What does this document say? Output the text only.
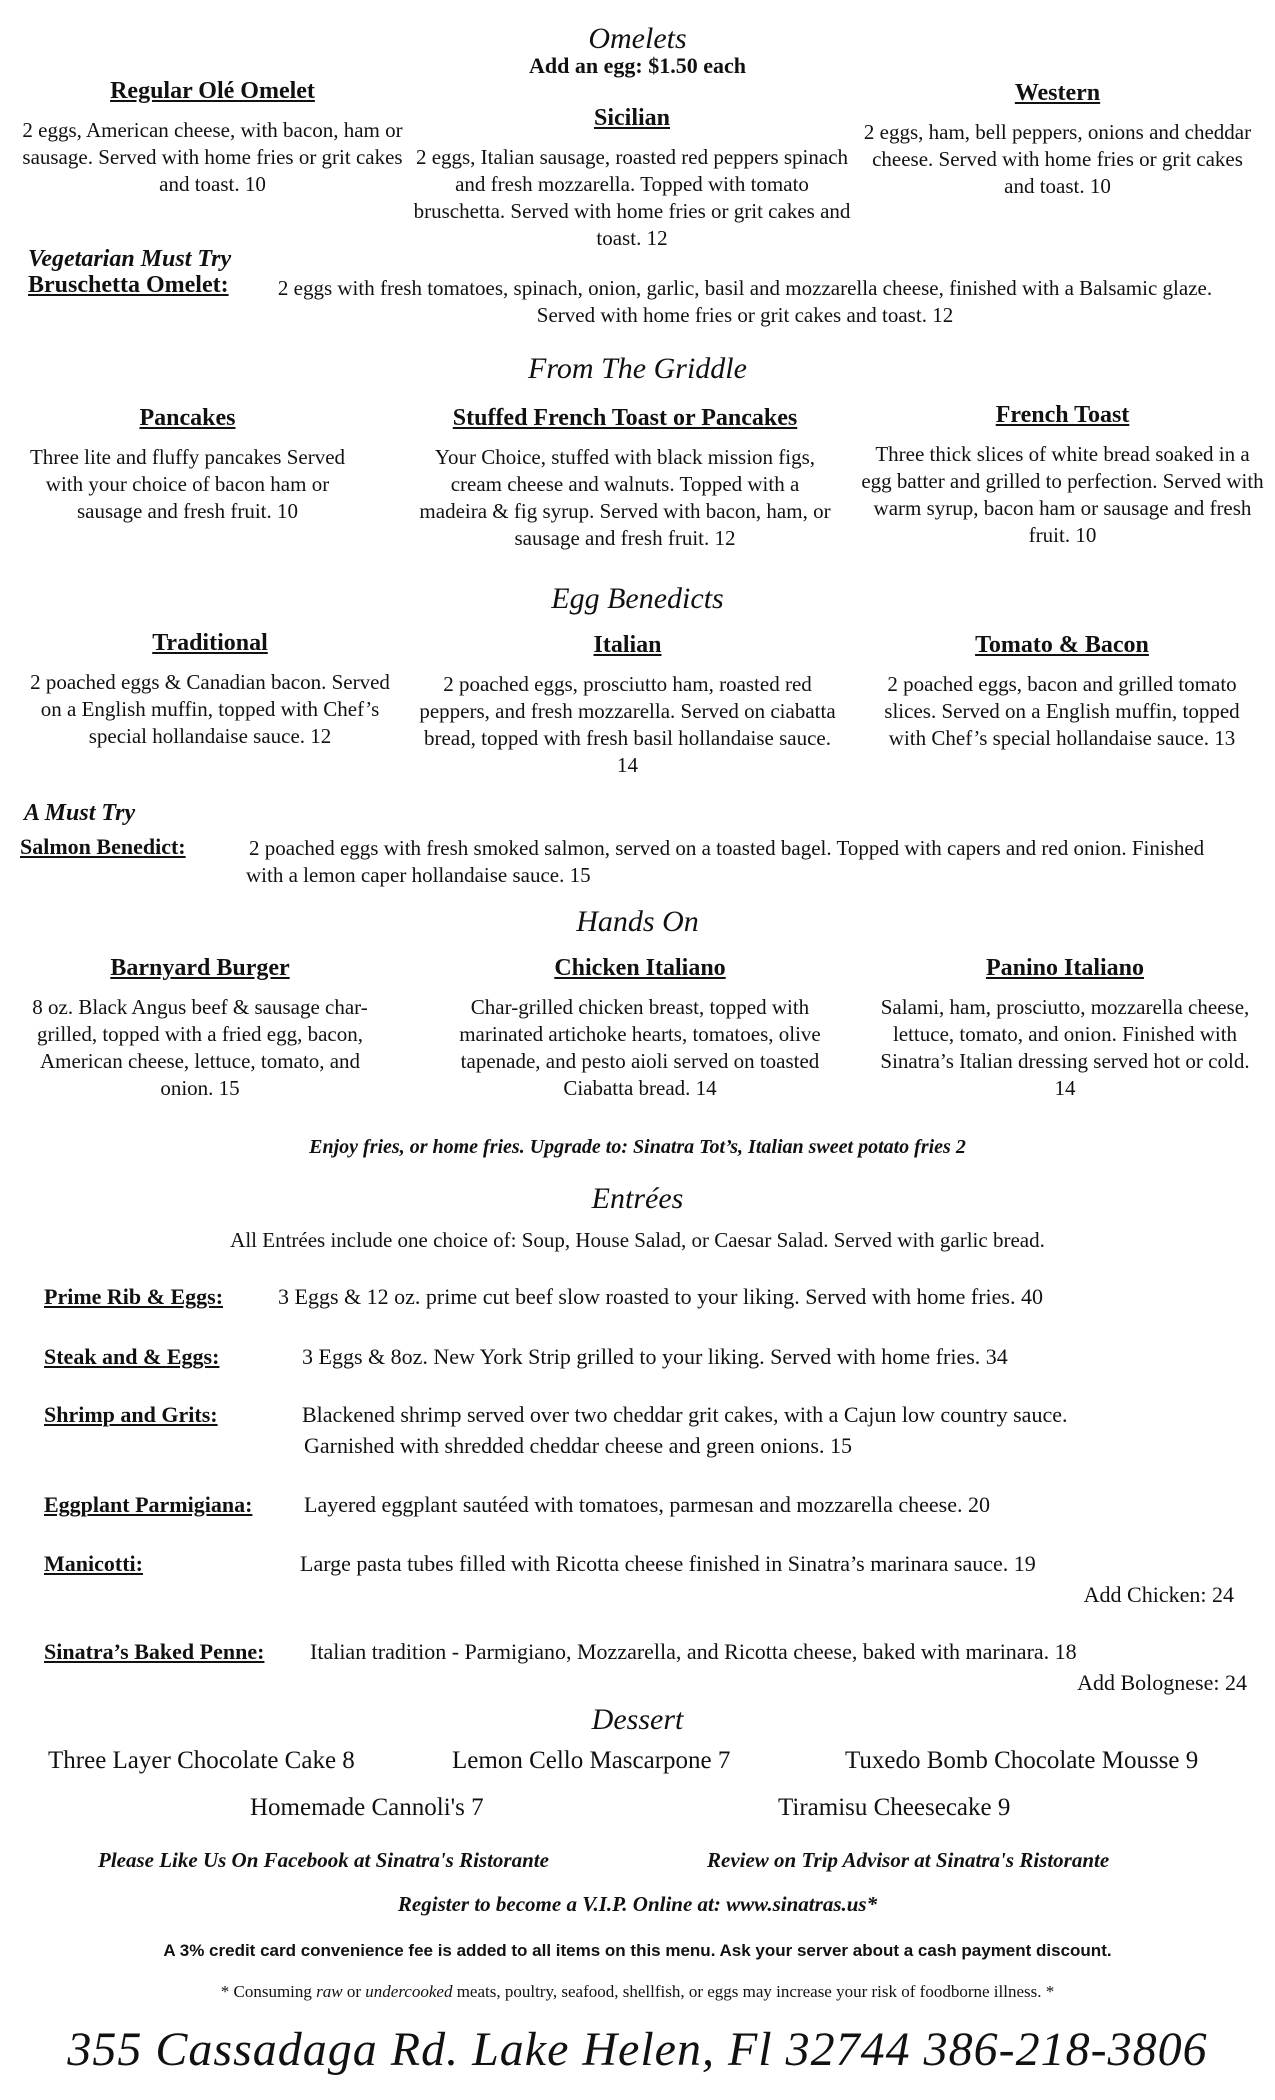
Omelets
Add an egg: $1.50 each
Regular Olé Omelet
2 eggs, American cheese, with bacon, ham or sausage. Served with home fries or grit cakes and toast. 10
Sicilian
2 eggs, Italian sausage, roasted red peppers spinach and fresh mozzarella. Topped with tomato bruschetta. Served with home fries or grit cakes and toast. 12
Western
2 eggs, ham, bell peppers, onions and cheddar cheese. Served with home fries or grit cakes and toast. 10
Vegetarian Must Try
Bruschetta Omelet: 2 eggs with fresh tomatoes, spinach, onion, garlic, basil and mozzarella cheese, finished with a Balsamic glaze. Served with home fries or grit cakes and toast. 12
From The Griddle
Pancakes
Three lite and fluffy pancakes Served with your choice of bacon ham or sausage and fresh fruit. 10
Stuffed French Toast or Pancakes
Your Choice, stuffed with black mission figs, cream cheese and walnuts. Topped with a madeira & fig syrup. Served with bacon, ham, or sausage and fresh fruit. 12
French Toast
Three thick slices of white bread soaked in a egg batter and grilled to perfection. Served with warm syrup, bacon ham or sausage and fresh fruit. 10
Egg Benedicts
Traditional
2 poached eggs & Canadian bacon. Served on a English muffin, topped with Chef’s special hollandaise sauce. 12
Italian
2 poached eggs, prosciutto ham, roasted red peppers, and fresh mozzarella. Served on ciabatta bread, topped with fresh basil hollandaise sauce. 14
Tomato & Bacon
2 poached eggs, bacon and grilled tomato slices. Served on a English muffin, topped with Chef’s special hollandaise sauce. 13
A Must Try
Salmon Benedict:	2 poached eggs with fresh smoked salmon, served on a toasted bagel. Topped with capers and red onion. Finished with a lemon caper hollandaise sauce. 15
Hands On
Barnyard Burger
8 oz. Black Angus beef & sausage char-grilled, topped with a fried egg, bacon, American cheese, lettuce, tomato, and onion. 15
Chicken Italiano
Char-grilled chicken breast, topped with marinated artichoke hearts, tomatoes, olive tapenade, and pesto aioli served on toasted Ciabatta bread. 14
Panino Italiano
Salami, ham, prosciutto, mozzarella cheese, lettuce, tomato, and onion. Finished with Sinatra’s Italian dressing served hot or cold. 14
Enjoy fries, or home fries. Upgrade to: Sinatra Tot’s, Italian sweet potato fries 2
Entrées
All Entrées include one choice of: Soup, House Salad, or Caesar Salad. Served with garlic bread.
Prime Rib & Eggs: 3 Eggs & 12 oz. prime cut beef slow roasted to your liking. Served with home fries. 40
Steak and & Eggs:	3 Eggs & 8oz. New York Strip grilled to your liking. Served with home fries. 34
Shrimp and Grits:	Blackened shrimp served over two cheddar grit cakes, with a Cajun low country sauce.
Garnished with shredded cheddar cheese and green onions. 15
Eggplant Parmigiana: Layered eggplant sautéed with tomatoes, parmesan and mozzarella cheese. 20
Manicotti:	Large pasta tubes filled with Ricotta cheese finished in Sinatra’s marinara sauce. 19
Add Chicken: 24
Sinatra’s Baked Penne: Italian tradition - Parmigiano, Mozzarella, and Ricotta cheese, baked with marinara. 18
Add Bolognese: 24
Dessert
Three Layer Chocolate Cake 8	Lemon Cello Mascarpone 7	Tuxedo Bomb Chocolate Mousse 9
Homemade Cannoli's 7	Tiramisu Cheesecake 9
Please Like Us On Facebook at Sinatra's Ristorante	Review on Trip Advisor at Sinatra's Ristorante
Register to become a V.I.P. Online at: www.sinatras.us*
A 3% credit card convenience fee is added to all items on this menu. Ask your server about a cash payment discount.
* Consuming raw or undercooked meats, poultry, seafood, shellfish, or eggs may increase your risk of foodborne illness. *
355 Cassadaga Rd. Lake Helen, Fl 32744 386-218-3806
